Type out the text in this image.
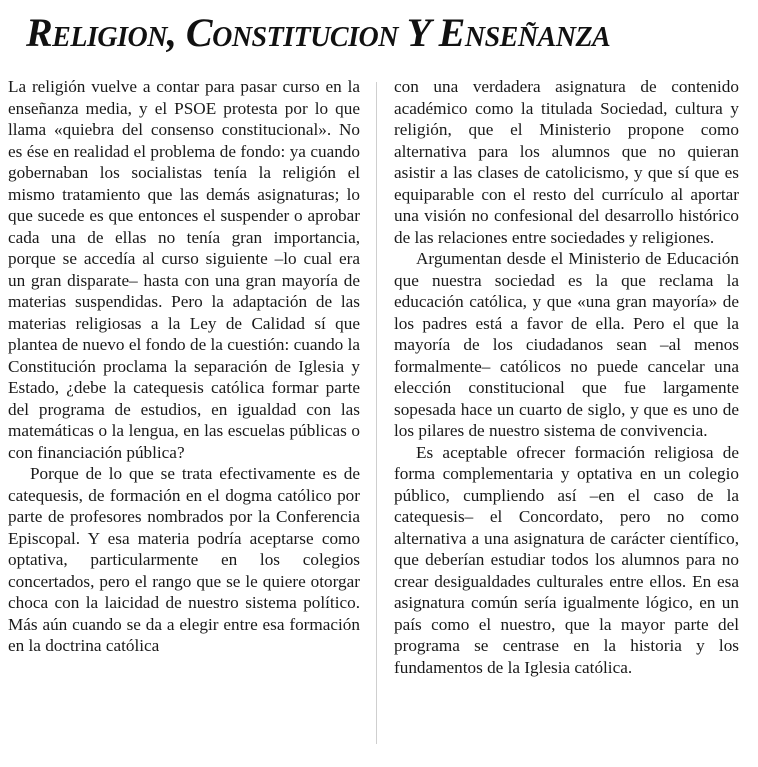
Religion, Constitucion Y Enseñanza

La religión vuelve a contar para pasar curso en la enseñanza media, y el PSOE protesta por lo que llama «quiebra del consenso constitucional». No es ése en realidad el problema de fondo: ya cuando gobernaban los socialistas tenía la religión el mismo tratamiento que las demás asignaturas; lo que sucede es que entonces el suspender o aprobar cada una de ellas no tenía gran importancia, porque se accedía al curso siguiente –lo cual era un gran disparate– hasta con una gran mayoría de materias suspendidas. Pero la adaptación de las materias religiosas a la Ley de Calidad sí que plantea de nuevo el fondo de la cuestión: cuando la Constitución proclama la separación de Iglesia y Estado, ¿debe la catequesis católica formar parte del programa de estudios, en igualdad con las matemáticas o la lengua, en las escuelas públicas o con financiación pública?

Porque de lo que se trata efectivamente es de catequesis, de formación en el dogma católico por parte de profesores nombrados por la Conferencia Episcopal. Y esa materia podría aceptarse como optativa, particularmente en los colegios concertados, pero el rango que se le quiere otorgar choca con la laicidad de nuestro sistema político. Más aún cuando se da a elegir entre esa formación en la doctrina católica

con una verdadera asignatura de contenido académico como la titulada Sociedad, cultura y religión, que el Ministerio propone como alternativa para los alumnos que no quieran asistir a las clases de catolicismo, y que sí que es equiparable con el resto del currículo al aportar una visión no confesional del desarrollo histórico de las relaciones entre sociedades y religiones.

Argumentan desde el Ministerio de Educación que nuestra sociedad es la que reclama la educación católica, y que «una gran mayoría» de los padres está a favor de ella. Pero el que la mayoría de los ciudadanos sean –al menos formalmente– católicos no puede cancelar una elección constitucional que fue largamente sopesada hace un cuarto de siglo, y que es uno de los pilares de nuestro sistema de convivencia.

Es aceptable ofrecer formación religiosa de forma complementaria y optativa en un colegio público, cumpliendo así –en el caso de la catequesis– el Concordato, pero no como alternativa a una asignatura de carácter científico, que deberían estudiar todos los alumnos para no crear desigualdades culturales entre ellos. En esa asignatura común sería igualmente lógico, en un país como el nuestro, que la mayor parte del programa se centrase en la historia y los fundamentos de la Iglesia católica.
